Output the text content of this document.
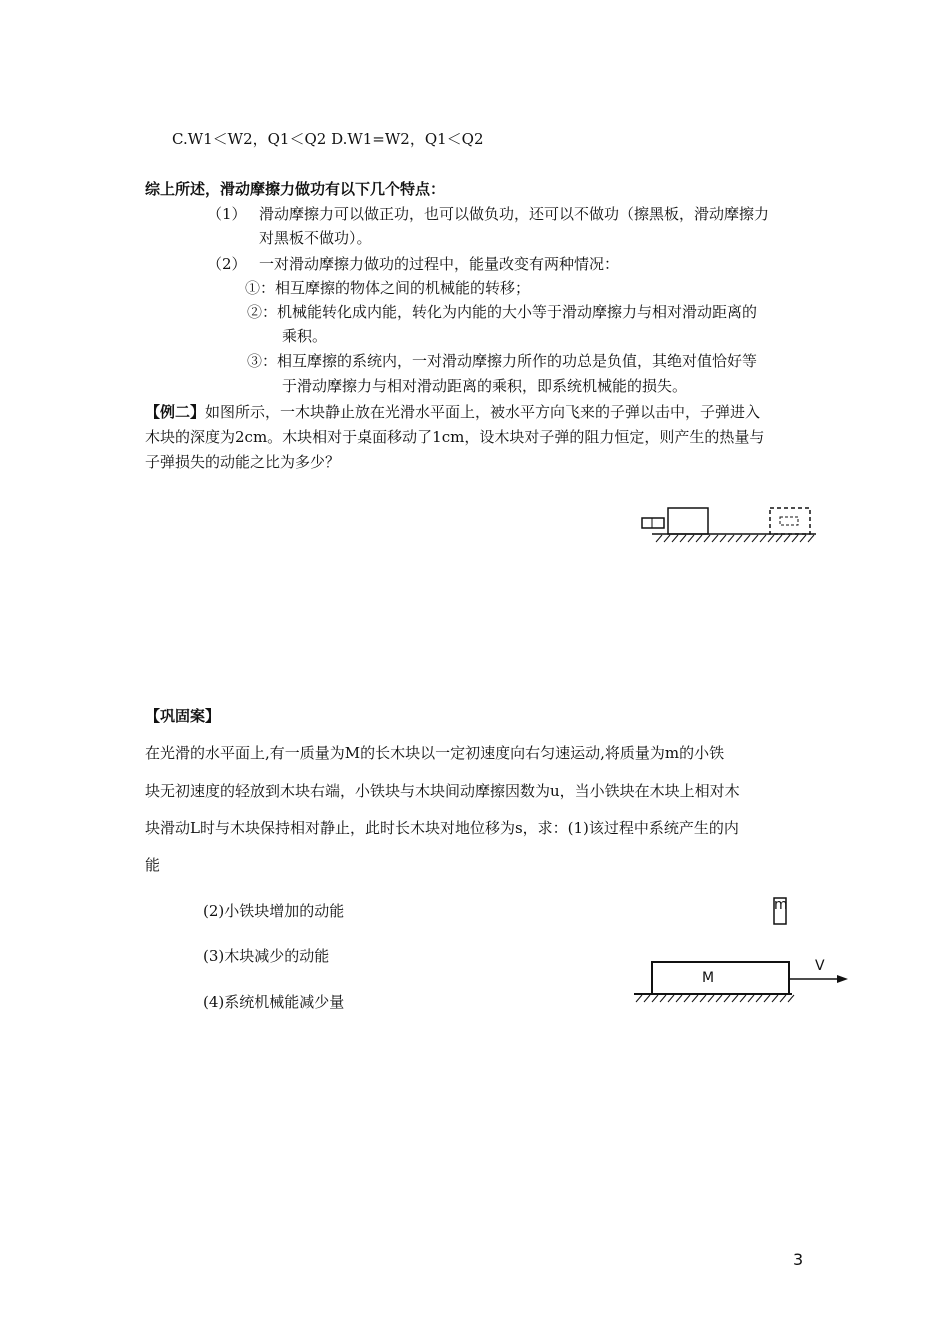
C.W1＜W2，Q1＜Q2 D.W1=W2，Q1＜Q2
综上所述，滑动摩擦力做功有以下几个特点：
（1） 滑动摩擦力可以做正功，也可以做负功，还可以不做功（擦黑板，滑动摩擦力
对黑板不做功）。
（2） 一对滑动摩擦力做功的过程中，能量改变有两种情况：
①：相互摩擦的物体之间的机械能的转移；
②：机械能转化成内能，转化为内能的大小等于滑动摩擦力与相对滑动距离的
乘积。
③：相互摩擦的系统内，一对滑动摩擦力所作的功总是负值，其绝对值恰好等
于滑动摩擦力与相对滑动距离的乘积，即系统机械能的损失。
【例二】如图所示，一木块静止放在光滑水平面上，被水平方向飞来的子弹以击中，子弹进入
木块的深度为2cm。木块相对于桌面移动了1cm，设木块对子弹的阻力恒定，则产生的热量与
子弹损失的动能之比为多少？
【巩固案】
在光滑的水平面上,有一质量为M的长木块以一定初速度向右匀速运动,将质量为m的小铁
块无初速度的轻放到木块右端，小铁块与木块间动摩擦因数为u，当小铁块在木块上相对木
块滑动L时与木块保持相对静止，此时长木块对地位移为s，求：(1)该过程中系统产生的内
能
(2)小铁块增加的动能
(3)木块减少的动能
(4)系统机械能减少量
m
M
V
3
